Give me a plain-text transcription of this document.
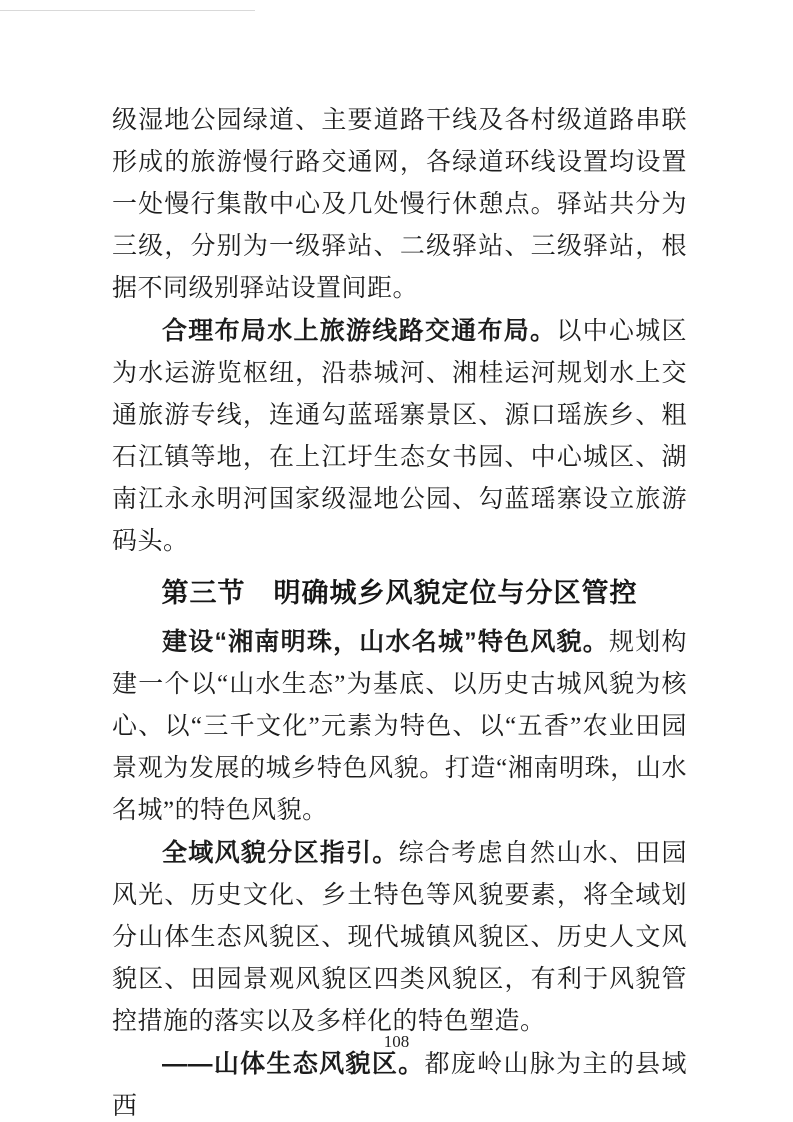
级湿地公园绿道、主要道路干线及各村级道路串联形成的旅游慢行路交通网，各绿道环线设置均设置一处慢行集散中心及几处慢行休憩点。驿站共分为三级，分别为一级驿站、二级驿站、三级驿站，根据不同级别驿站设置间距。

合理布局水上旅游线路交通布局。以中心城区为水运游览枢纽，沿恭城河、湘桂运河规划水上交通旅游专线，连通勾蓝瑶寨景区、源口瑶族乡、粗石江镇等地，在上江圩生态女书园、中心城区、湖南江永永明河国家级湿地公园、勾蓝瑶寨设立旅游码头。

第三节　明确城乡风貌定位与分区管控

建设“湘南明珠，山水名城”特色风貌。规划构建一个以“山水生态”为基底、以历史古城风貌为核心、以“三千文化”元素为特色、以“五香”农业田园景观为发展的城乡特色风貌。打造“湘南明珠，山水名城”的特色风貌。

全域风貌分区指引。综合考虑自然山水、田园风光、历史文化、乡土特色等风貌要素，将全域划分山体生态风貌区、现代城镇风貌区、历史人文风貌区、田园景观风貌区四类风貌区，有利于风貌管控措施的落实以及多样化的特色塑造。

——山体生态风貌区。都庞岭山脉为主的县域西

108
